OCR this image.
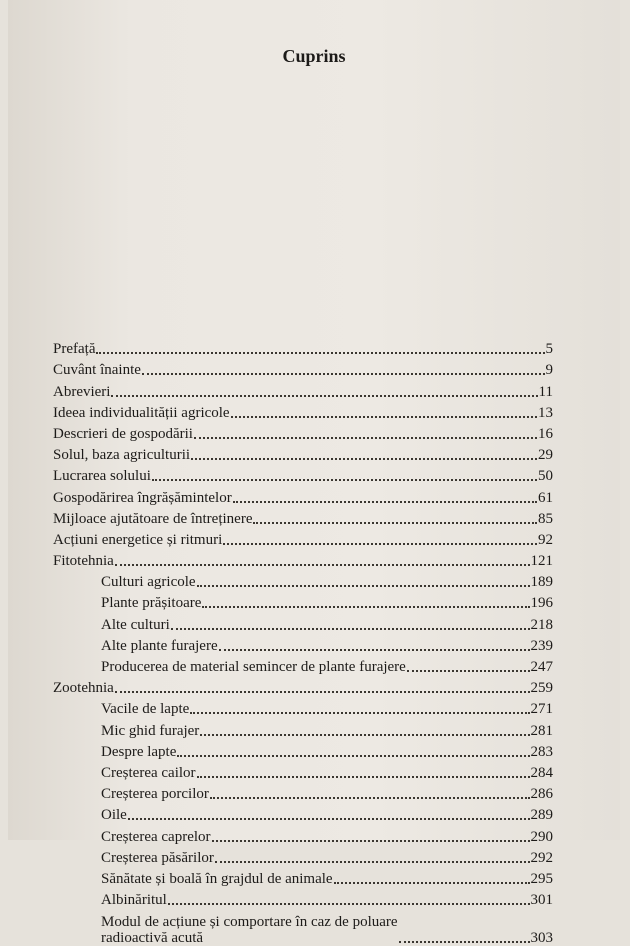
Cuprins
Prefață	5
Cuvânt înainte	9
Abrevieri	11
Ideea individualității agricole	13
Descrieri de gospodării	16
Solul, baza agriculturii	29
Lucrarea solului	50
Gospodărirea îngrășămintelor	61
Mijloace ajutătoare de întreținere	85
Acțiuni energetice și ritmuri	92
Fitotehnia	121
Culturi agricole	189
Plante prășitoare	196
Alte culturi	218
Alte plante furajere	239
Producerea de material semincer de plante furajere	247
Zootehnia	259
Vacile de lapte	271
Mic ghid furajer	281
Despre lapte	283
Creșterea cailor	284
Creșterea porcilor	286
Oile	289
Creșterea caprelor	290
Creșterea păsărilor	292
Sănătate și boală în grajdul de animale	295
Albinăritul	301
Modul de acțiune și comportare în caz de poluare
radioactivă acută	303
